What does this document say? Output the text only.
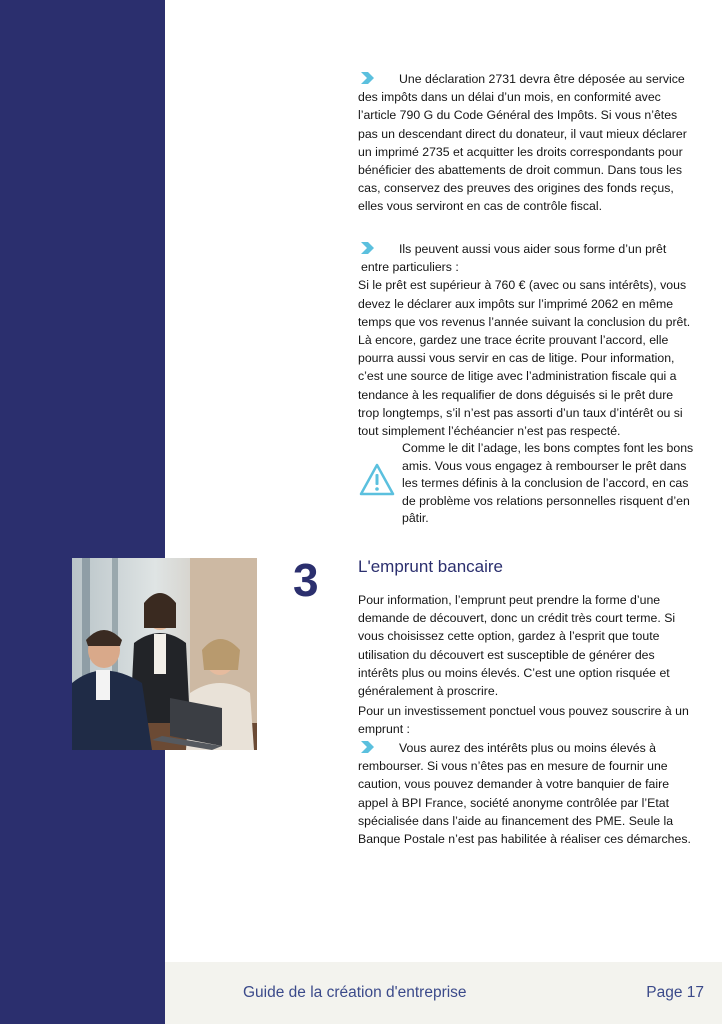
Une déclaration 2731 devra être déposée au service
des impôts dans un délai d’un mois, en conformité avec l’article 790 G du Code Général des Impôts. Si vous n’êtes pas un descendant direct du donateur, il vaut mieux déclarer un imprimé 2735 et acquitter les droits correspondants pour bénéficier des abattements de droit commun. Dans tous les cas, conservez des preuves des origines des fonds reçus, elles vous serviront en cas de contrôle fiscal.
Ils peuvent aussi vous aider sous forme d’un prêt
entre particuliers :
Si le prêt est supérieur à 760 € (avec ou sans intérêts), vous devez le déclarer aux impôts sur l’imprimé 2062 en même temps que vos revenus l’année suivant la conclusion du prêt. Là encore, gardez une trace écrite prouvant l’accord, elle pourra aussi vous servir en cas de litige. Pour information, c’est une source de litige avec l’administration fiscale qui a tendance à les requalifier de dons déguisés si le prêt dure trop longtemps, s’il n’est pas assorti d’un taux d’intérêt ou si tout simplement l’échéancier n’est pas respecté.
Comme le dit l’adage, les bons comptes font les bons amis. Vous vous engagez à rembourser le prêt dans les termes définis à la conclusion de l’accord, en cas de problème vos relations personnelles risquent d’en pâtir.
3 L'emprunt bancaire
Pour information, l’emprunt peut prendre la forme d’une demande de découvert, donc un crédit très court terme. Si vous choisissez cette option, gardez à l’esprit que toute utilisation du découvert est susceptible de générer des intérêts plus ou moins élevés. C’est une option risquée et généralement à proscrire.
Pour un investissement ponctuel vous pouvez souscrire à un emprunt :
Vous aurez des intérêts plus ou moins élevés à
rembourser. Si vous n’êtes pas en mesure de fournir une caution, vous pouvez demander à votre banquier de faire appel à BPI France, société anonyme contrôlée par l’Etat spécialisée dans l’aide au financement des PME. Seule la Banque Postale n’est pas habilitée à réaliser ces démarches.
Guide de la création d'entreprise	Page 17
